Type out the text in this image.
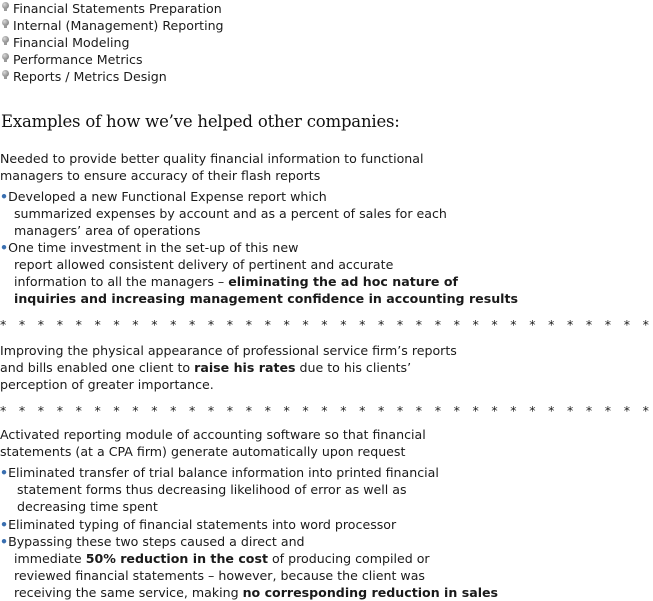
Financial Statements Preparation
Internal (Management) Reporting
Financial Modeling
Performance Metrics
Reports / Metrics Design
Examples of how we’ve helped other companies:
Needed to provide better quality financial information to functional
managers to ensure accuracy of their flash reports
•Developed a new Functional Expense report which
summarized expenses by account and as a percent of sales for each
managers’ area of operations
•One time investment in the set-up of this new
report allowed consistent delivery of pertinent and accurate
information to all the managers – eliminating the ad hoc nature of
inquiries and increasing management confidence in accounting results
* * * * * * * * * * * * * * * * * * * * * * * * * * * * * * * * * * *
Improving the physical appearance of professional service firm’s reports
and bills enabled one client to raise his rates due to his clients’
perception of greater importance.
* * * * * * * * * * * * * * * * * * * * * * * * * * * * * * * * * * *
Activated reporting module of accounting software so that financial
statements (at a CPA firm) generate automatically upon request
•Eliminated transfer of trial balance information into printed financial
statement forms thus decreasing likelihood of error as well as
decreasing time spent
•Eliminated typing of financial statements into word processor
•Bypassing these two steps caused a direct and
immediate 50% reduction in the cost of producing compiled or
reviewed financial statements – however, because the client was
receiving the same service, making no corresponding reduction in sales
